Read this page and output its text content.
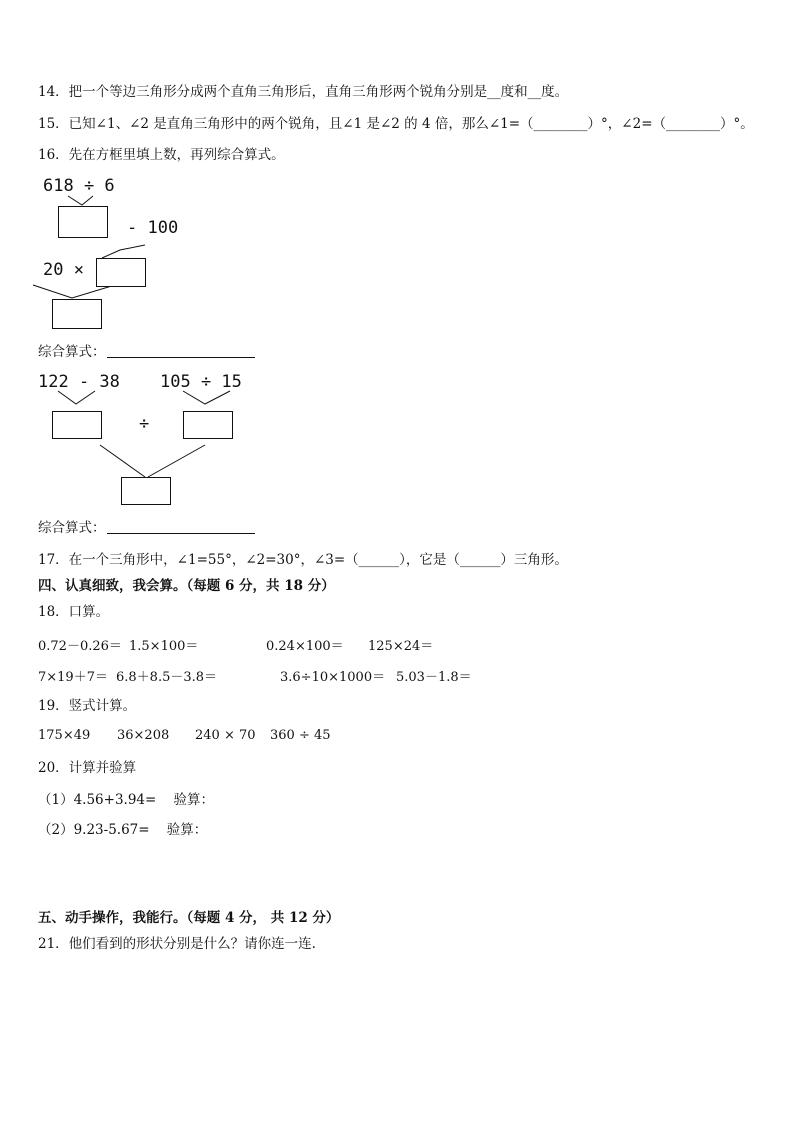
14．把一个等边三角形分成两个直角三角形后，直角三角形两个锐角分别是__度和__度。
15．已知∠1、∠2 是直角三角形中的两个锐角，且∠1 是∠2 的 4 倍，那么∠1=（________）°，∠2=（________）°。
16．先在方框里填上数，再列综合算式。
618 ÷ 6
- 100
20 ×
综合算式：
122 - 38 105 ÷ 15
÷
综合算式：
17．在一个三角形中，∠1=55°，∠2=30°，∠3=（______），它是（______）三角形。
四、认真细致，我会算。（每题 6 分，共 18 分）
18．口算。
0.72－0.26＝ 1.5×100＝	0.24×100＝ 125×24＝
7×19＋7＝ 6.8＋8.5－3.8＝	3.6÷10×1000＝ 5.03－1.8＝
19．竖式计算。
175×49 36×208 240 × 70 360 ÷ 45
20．计算并验算
（1）4.56+3.94=    验算：
（2）9.23-5.67=    验算：
五、动手操作，我能行。（每题 4 分， 共 12 分）
21．他们看到的形状分别是什么？请你连一连.
